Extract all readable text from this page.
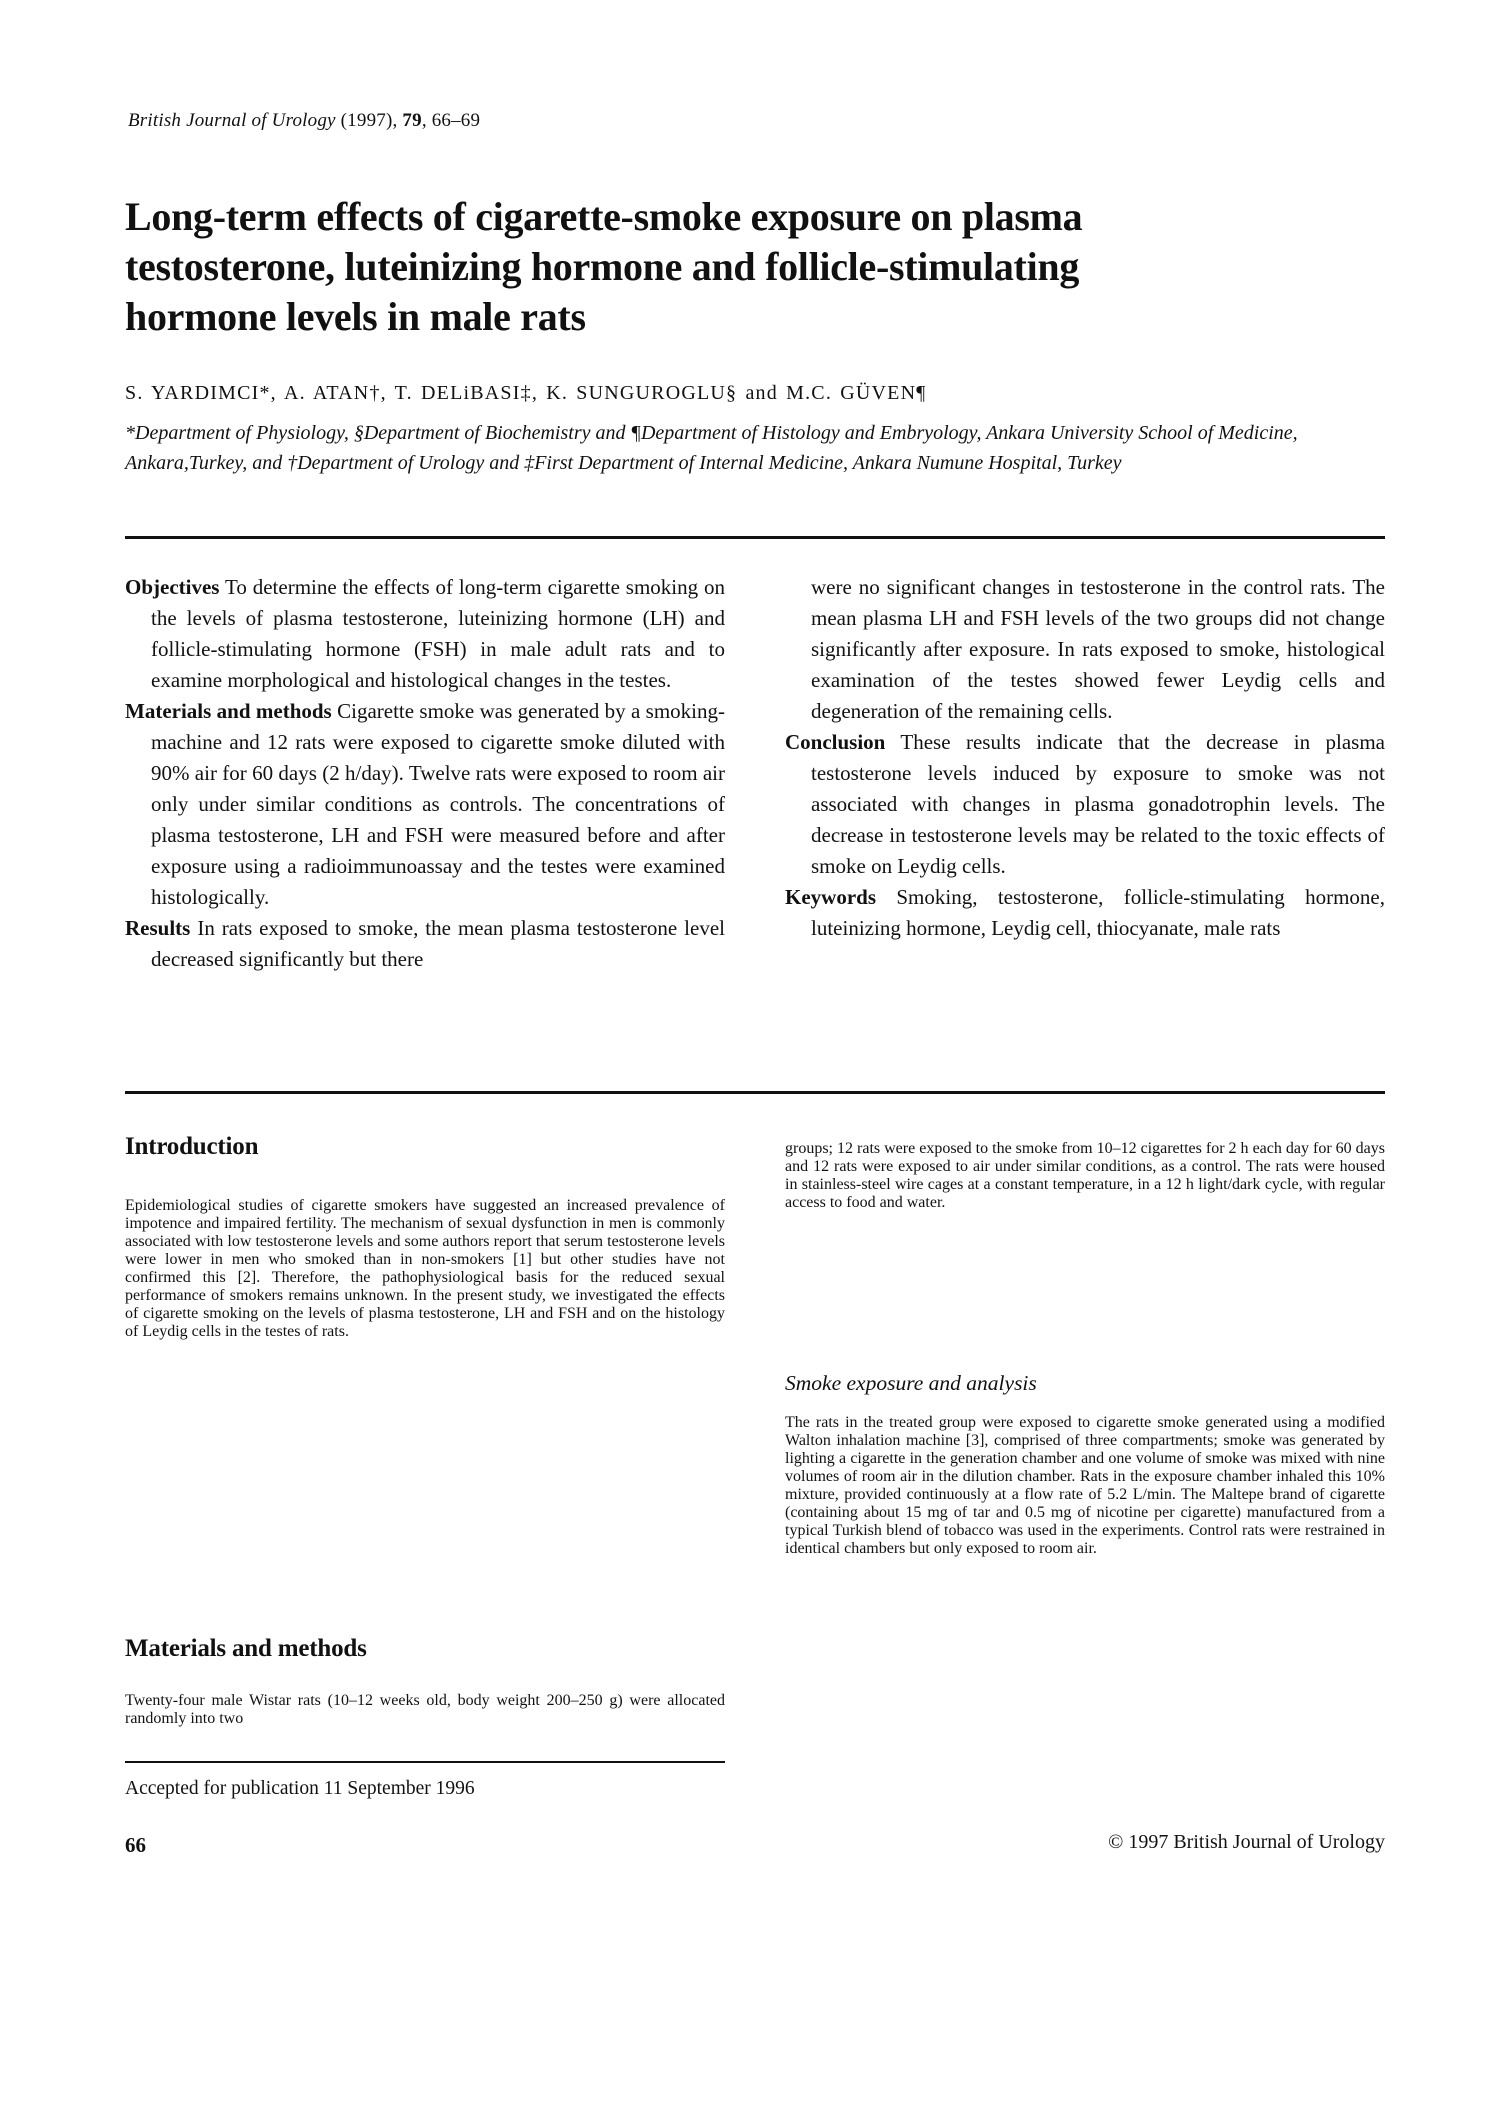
British Journal of Urology (1997), 79, 66–69
Long-term effects of cigarette-smoke exposure on plasma
testosterone, luteinizing hormone and follicle-stimulating
hormone levels in male rats
S. YARDIMCI*, A. ATAN†, T. DELiBASI‡, K. SUNGUROGLU§ and M.C. GÜVEN¶
*Department of Physiology, §Department of Biochemistry and ¶Department of Histology and Embryology, Ankara University School of Medicine, Ankara,Turkey, and †Department of Urology and ‡First Department of Internal Medicine, Ankara Numune Hospital, Turkey

Objectives To determine the effects of long-term cigarette smoking on the levels of plasma testosterone, luteinizing hormone (LH) and follicle-stimulating hormone (FSH) in male adult rats and to examine morphological and histological changes in the testes.

Materials and methods Cigarette smoke was generated by a smoking-machine and 12 rats were exposed to cigarette smoke diluted with 90% air for 60 days (2 h/day). Twelve rats were exposed to room air only under similar conditions as controls. The concentrations of plasma testosterone, LH and FSH were measured before and after exposure using a radioimmunoassay and the testes were examined histologically.

Results In rats exposed to smoke, the mean plasma testosterone level decreased significantly but there

were no significant changes in testosterone in the control rats. The mean plasma LH and FSH levels of the two groups did not change significantly after exposure. In rats exposed to smoke, histological examination of the testes showed fewer Leydig cells and degeneration of the remaining cells.

Conclusion These results indicate that the decrease in plasma testosterone levels induced by exposure to smoke was not associated with changes in plasma gonadotrophin levels. The decrease in testosterone levels may be related to the toxic effects of smoke on Leydig cells.

Keywords Smoking, testosterone, follicle-stimulating hormone, luteinizing hormone, Leydig cell, thiocyanate, male rats

Introduction

Epidemiological studies of cigarette smokers have suggested an increased prevalence of impotence and impaired fertility. The mechanism of sexual dysfunction in men is commonly associated with low testosterone levels and some authors report that serum testosterone levels were lower in men who smoked than in non-smokers [1] but other studies have not confirmed this [2]. Therefore, the pathophysiological basis for the reduced sexual performance of smokers remains unknown. In the present study, we investigated the effects of cigarette smoking on the levels of plasma testosterone, LH and FSH and on the histology of Leydig cells in the testes of rats.

Materials and methods

Twenty-four male Wistar rats (10–12 weeks old, body weight 200–250 g) were allocated randomly into two

Accepted for publication 11 September 1996
66

groups; 12 rats were exposed to the smoke from 10–12 cigarettes for 2 h each day for 60 days and 12 rats were exposed to air under similar conditions, as a control. The rats were housed in stainless-steel wire cages at a constant temperature, in a 12 h light/dark cycle, with regular access to food and water.

Smoke exposure and analysis

The rats in the treated group were exposed to cigarette smoke generated using a modified Walton inhalation machine [3], comprised of three compartments; smoke was generated by lighting a cigarette in the generation chamber and one volume of smoke was mixed with nine volumes of room air in the dilution chamber. Rats in the exposure chamber inhaled this 10% mixture, provided continuously at a flow rate of 5.2 L/min. The Maltepe brand of cigarette (containing about 15 mg of tar and 0.5 mg of nicotine per cigarette) manufactured from a typical Turkish blend of tobacco was used in the experiments. Control rats were restrained in identical chambers but only exposed to room air.

© 1997 British Journal of Urology
